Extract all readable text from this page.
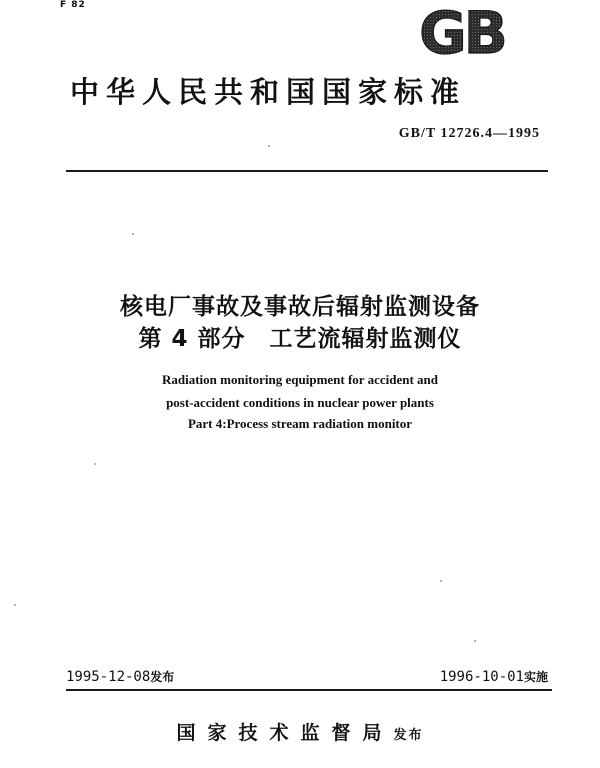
F 82	GB
中华人民共和国国家标准
GB/T 12726.4—1995
核电厂事故及事故后辐射监测设备
第 4 部分　工艺流辐射监测仪
Radiation monitoring equipment for accident and
post-accident conditions in nuclear power plants
Part 4:Process stream radiation monitor
1995-12-08发布	1996-10-01实施
国家技术监督局发布
